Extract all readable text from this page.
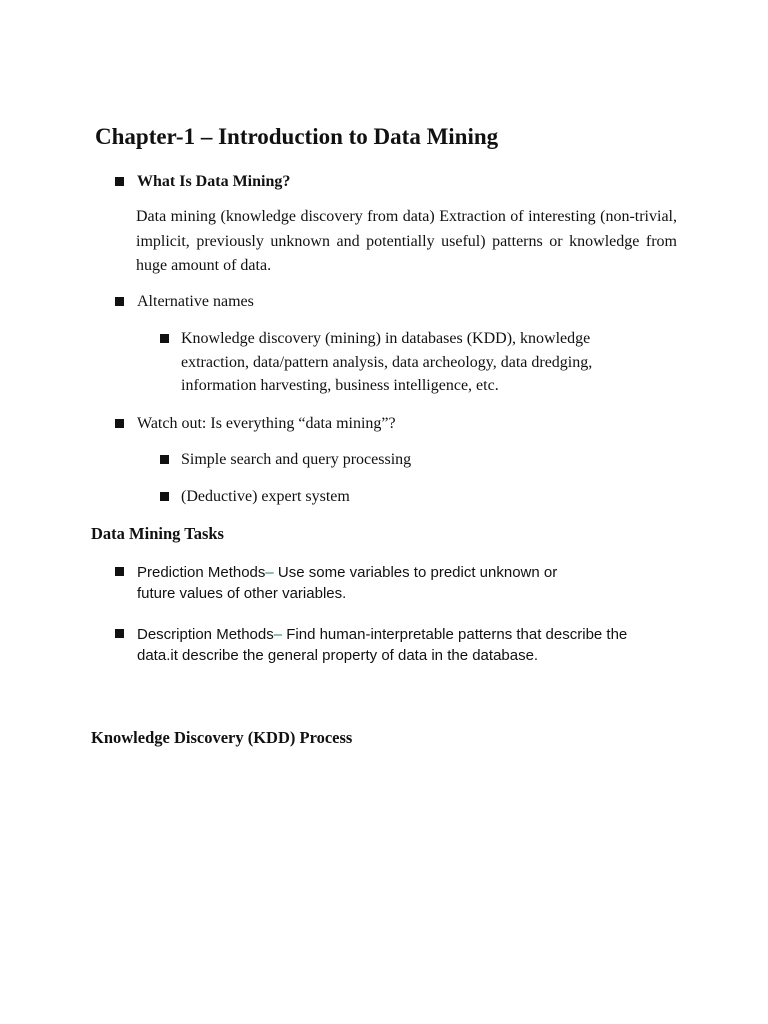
Chapter-1 – Introduction to Data Mining
What Is Data Mining?
Data mining (knowledge discovery from data) Extraction of interesting (non-trivial, implicit, previously unknown and potentially useful) patterns or knowledge from huge amount of data.
Alternative names
Knowledge discovery (mining) in databases (KDD), knowledge extraction, data/pattern analysis, data archeology, data dredging, information harvesting, business intelligence, etc.
Watch out: Is everything “data mining”?
Simple search and query processing
(Deductive) expert system
Data Mining Tasks
Prediction Methods– Use some variables to predict unknown or
future values of other variables.
Description Methods– Find human-interpretable patterns that describe the
data.it describe the general property of data in the database.
Knowledge Discovery (KDD) Process
